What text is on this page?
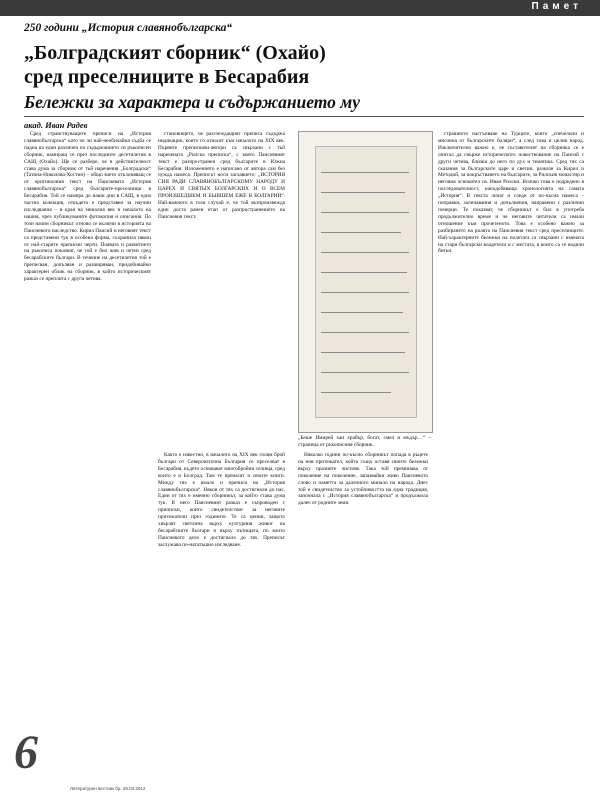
Памет
250 години „История славянобългарска“
„Болградският сборник“ (Охайо)
сред преселниците в Бесарабия
Бележки за характера и съдържанието му
акад. Иван Радев

Сред странствуващите преписи на „История славянобългарска“ като че ли най-необичайна съдба се падна на един различен по съдържанието си ръкописен сборник, намиращ се през последните десетилетия в САЩ (Охайо). Ще се разбере, че в действителност става дума за сборник от тъй наречения „Болградски“ (Татина-Николова-Хостин) – общо взето отклоняващ се от оригиналния текст на Паисиевата „История славянобългарска“ сред българите-преселници в Бесарабия. Той се намира до наши дни в САЩ, в една частна колекция, откъдето е представен за научни изследвания – в края на миналия век и началото на нашия, чрез публикуваните фотокопия и описания. По този начин сборникът отново се включи в историята на Паисиевото наследство. Кирил Паисий и неговият текст са представени тук в особена форма, съхранила някои от най-старите преписни черти. Появата и развитието на ръкописа показват, че той е бил жив и четен сред бесарабските българи. В течение на десетилетия той е преписван, допълван и разширяван, придобивайки характерен облик на сборник, в който историческият разказ се преплита с други четива.

становището, че разглеждащият преписа съдържа индикации, които го отнасят към началото на XIX век. Първите преписвачи-автори са свързани с тъй наречената „Рилска преписка“, с която Паисиевият текст е разпространен сред българите в Южна Бесарабия. Изложението е написано от автора сам без чужда намеса. Преписът носи заглавието: „ИСТОРИЯ СИЯ РАДИ СЛАВЯНОБЪЛГАРСКОМУ НАРОДУ И ЦАРЕХ И СВЯТЫХ БОЛГАРСКИХ И О ВСЕМ ПРОИЗШЕДШЕМ И БЫВШЕМ ЕЖЕ В БОЛГАРИИ“. Най-важното в този случай е, че той възпроизвежда един доста ранен етап от разпространението на Паисиевия текст.

страшното настъпване на Турците, които „спечелили и мнозина от българските боляри“, а след това и целия народ. Изключително важно е, че съставителят на сборника се е опитал да свърже историческото повествование на Паисий с други четива, близки до него по дух и тематика. Сред тях са сказания за българските царе и светии, разкази за Кирил и Методий, за покръстването на българите, за Рилския монастир и неговия основател св. Иван Рилски. Всичко това е подредено в последователност, наподобяваща хронологията на самата „История“. В текста личат и следи от по-късна намеса – поправки, заличавания и допълнения, направени с различни почерци. Те показват, че сборникът е бил в употреба продължително време и че неговите читатели са имали отношение към прочетеното. Това е особено важно за разбирането на ролята на Паисиевия текст сред преселниците. Най-характерните бележки на полетата са свързани с имената на стари български владетели и с местата, в които са се водили битки.

„Беше Имирей хан храбър, богат, смел и мъдър…“ – страница от ръкописния сборник.

Както е известно, в началото на XIX век голям брой българи от Североизточна България се преселват в Бесарабия, където основават многобройни селища, сред които е и Болград. Там те пренасят и своите книги. Между тях е имало и преписи на „История славянобългарска“. Някои от тях са достигнали до нас. Един от тях е именно сборникът, за който става дума тук. В него Паисиевият разказ е съпроводен с приписки, които свидетелстват за неговите притежатели през годините. Те са ценни, защото хвърлят светлина върху културния живот на бесарабските българи и върху пътищата, по които Паисиевото дело е достигнало до тях. Преписът заслужава по-нататъшно изследване.

Няколко години по-късно сборникът попада в ръцете на нов притежател, който също оставя своите бележки върху празните листове. Така той преминава от поколение на поколение, запазвайки живо Паисиевото слово и паметта за далечното минало на народа. Днес той е свидетелство за устойчивостта на една традиция, започнала с „История славянобългарска“ и продължила далеч от родните земи.

6
Литературен вестник бр. 26.03.2012
